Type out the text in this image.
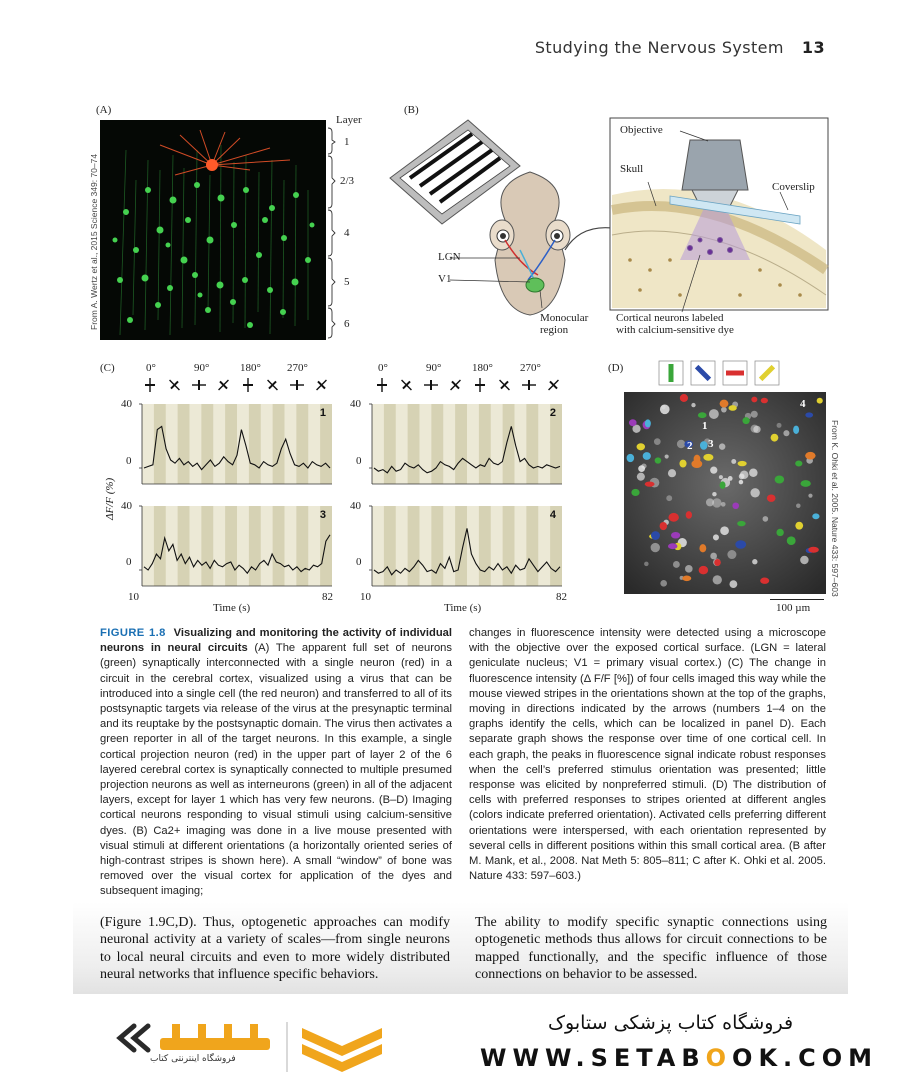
Studying the Nervous System 13
(A)
From A. Wertz et al., 2015 Science 349: 70–74
Layer
1
2/3
4
5
6
(B)
Objective
Skull
Coverslip
LGN
V1
Monocular
region
Cortical neurons labeled
with calcium-sensitive dye
(C)	0°	90°	180° 270°	0°	90°	180° 270°
ΔF/F (%)
1	2
3	4
40
0
40
0
40
0
40
0
10	82 10	82
Time (s)	Time (s)
(D)
1
2 3
4
From K. Ohki et al. 2005. Nature 433: 597–603
100 µm
FIGURE 1.8 Visualizing and monitoring the activity of individual neurons in neural circuits (A) The apparent full set of neurons (green) synaptically interconnected with a single neuron (red) in a circuit in the cerebral cortex, visualized using a virus that can be introduced into a single cell (the red neuron) and transferred to all of its postsynaptic targets via release of the virus at the presynaptic terminal and its reuptake by the postsynaptic domain. The virus then activates a green reporter in all of the target neurons. In this example, a single cortical projection neuron (red) in the upper part of layer 2 of the 6 layered cerebral cortex is synaptically connected to multiple presumed projection neurons as well as interneurons (green) in all of the adjacent layers, except for layer 1 which has very few neurons. (B–D) Imaging cortical neurons responding to visual stimuli using calcium-sensitive dyes. (B) Ca2+ imaging was done in a live mouse presented with visual stimuli at different orientations (a horizontally oriented series of high-contrast stripes is shown here). A small “window” of bone was removed over the visual cortex for application of the dyes and subsequent imaging;
changes in fluorescence intensity were detected using a microscope with the objective over the exposed cortical surface. (LGN = lateral geniculate nucleus; V1 = primary visual cortex.) (C) The change in fluorescence intensity (Δ F/F [%]) of four cells imaged this way while the mouse viewed stripes in the orientations shown at the top of the graphs, moving in directions indicated by the arrows (numbers 1–4 on the graphs identify the cells, which can be localized in panel D). Each separate graph shows the response over time of one cortical cell. In each graph, the peaks in fluorescence signal indicate robust responses when the cell’s preferred stimulus orientation was presented; little response was elicited by nonpreferred stimuli. (D) The distribution of cells with preferred responses to stripes oriented at different angles (colors indicate preferred orientation). Activated cells preferring different orientations were interspersed, with each orientation represented by several cells in different positions within this small cortical area. (B after M. Mank, et al., 2008. Nat Meth 5: 805–811; C after K. Ohki et al. 2005. Nature 433: 597–603.)
(Figure 1.9C,D). Thus, optogenetic approaches can modify neuronal activity at a variety of scales—from single neurons to local neural circuits and even to more widely distributed neural networks that influence specific behaviors.
The ability to modify specific synaptic connections using optogenetic methods thus allows for circuit connections to be mapped functionally, and the specific influence of those connections on behavior to be assessed.
فروشگاه اینترنتی کتاب
فروشگاه کتاب پزشکی ستابوک
WWW.SETABOOK.COM
